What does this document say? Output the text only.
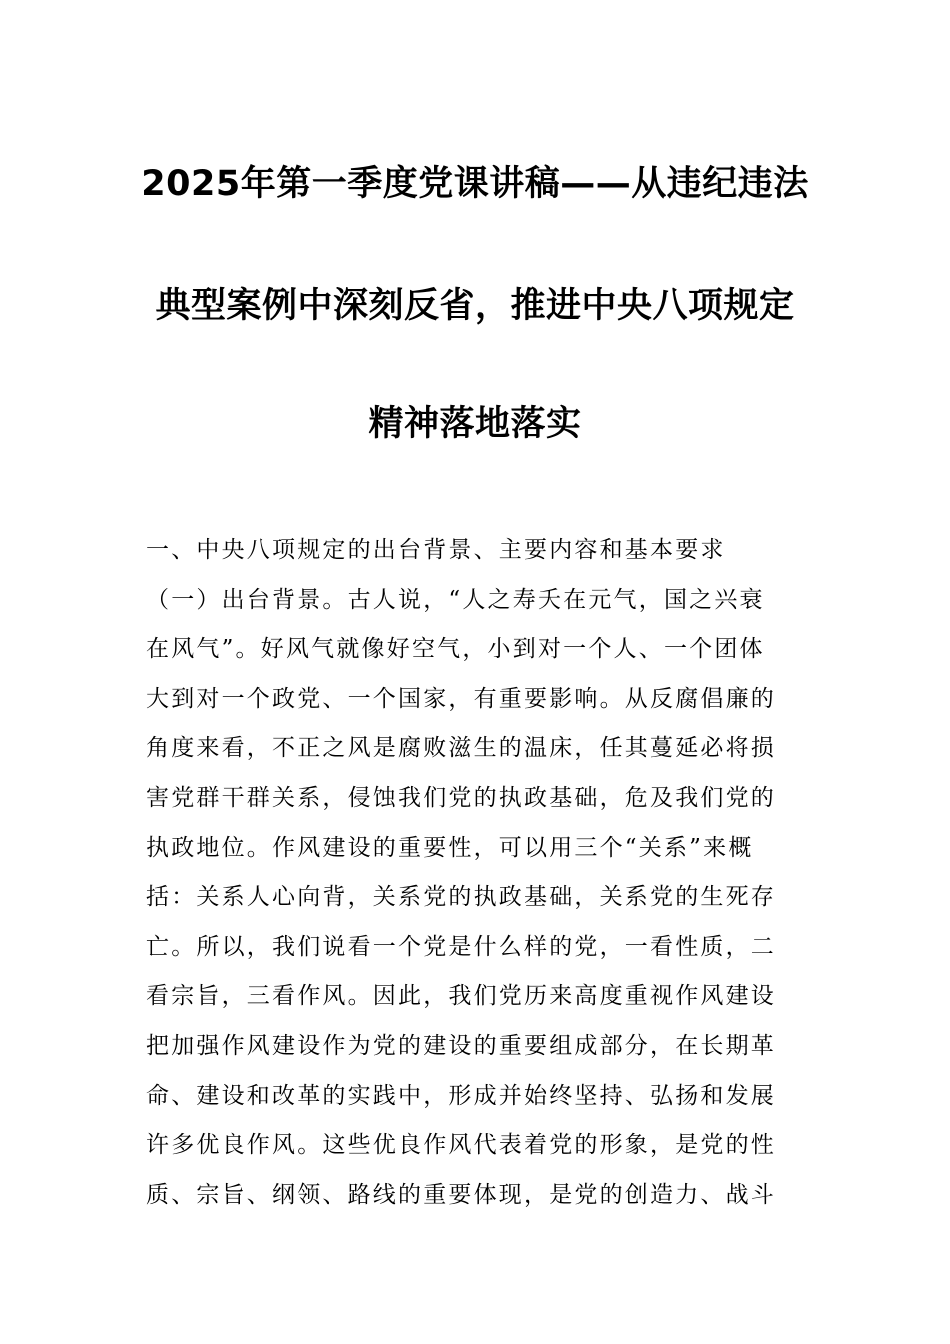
2025年第一季度党课讲稿——从违纪违法
典型案例中深刻反省，推进中央八项规定
精神落地落实
一、中央八项规定的出台背景、主要内容和基本要求
（一）出台背景。古人说，“人之寿夭在元气，国之兴衰
在风气”。好风气就像好空气，小到对一个人、一个团体
大到对一个政党、一个国家，有重要影响。从反腐倡廉的
角度来看，不正之风是腐败滋生的温床，任其蔓延必将损
害党群干群关系，侵蚀我们党的执政基础，危及我们党的
执政地位。作风建设的重要性，可以用三个“关系”来概
括：关系人心向背，关系党的执政基础，关系党的生死存
亡。所以，我们说看一个党是什么样的党，一看性质，二
看宗旨，三看作风。因此，我们党历来高度重视作风建设
把加强作风建设作为党的建设的重要组成部分，在长期革
命、建设和改革的实践中，形成并始终坚持、弘扬和发展
许多优良作风。这些优良作风代表着党的形象，是党的性
质、宗旨、纲领、路线的重要体现，是党的创造力、战斗
